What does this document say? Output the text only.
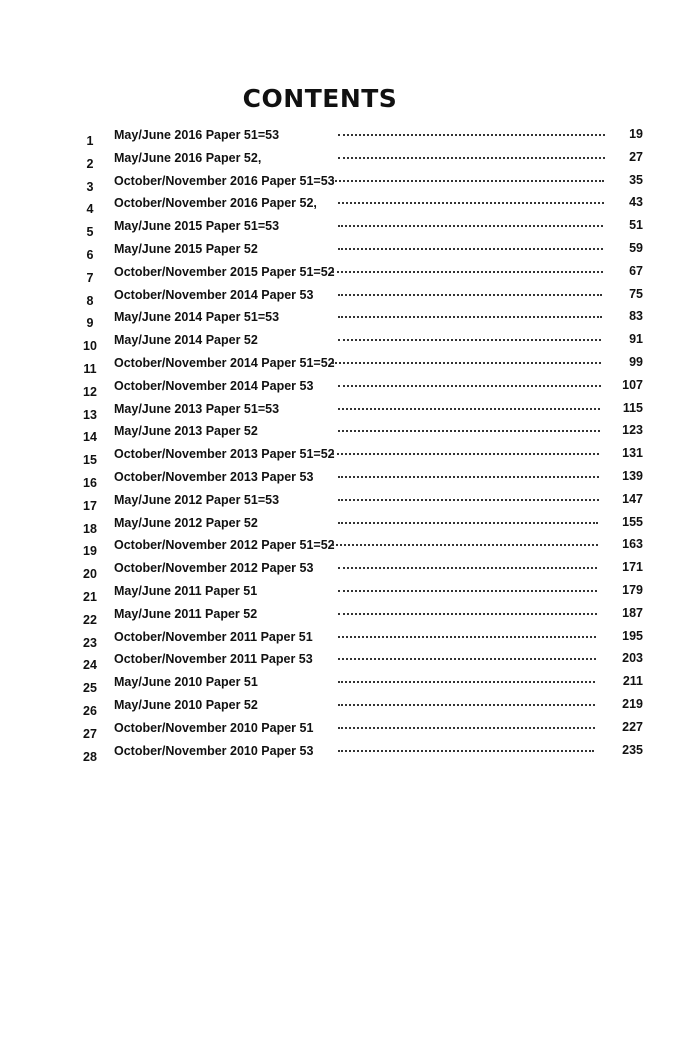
CONTENTS
1	May/June 2016 Paper 51=53	19
2	May/June 2016 Paper 52,	27
3	October/November 2016 Paper 51=53	35
4	October/November 2016 Paper 52,	43
5	May/June 2015 Paper 51=53	51
6	May/June 2015 Paper 52	59
7	October/November 2015 Paper 51=52	67
8	October/November 2014 Paper 53	75
9	May/June 2014 Paper 51=53	83
10	May/June 2014 Paper 52	91
11	October/November 2014 Paper 51=52	99
12	October/November 2014 Paper 53	107
13	May/June 2013 Paper 51=53	115
14	May/June 2013 Paper 52	123
15	October/November 2013 Paper 51=52	131
16	October/November 2013 Paper 53	139
17	May/June 2012 Paper 51=53	147
18	May/June 2012 Paper 52	155
19	October/November 2012 Paper 51=52	163
20	October/November 2012 Paper 53	171
21	May/June 2011 Paper 51	179
22	May/June 2011 Paper 52	187
23	October/November 2011 Paper 51	195
24	October/November 2011 Paper 53	203
25	May/June 2010 Paper 51	211
26	May/June 2010 Paper 52	219
27	October/November 2010 Paper 51	227
28	October/November 2010 Paper 53	235
